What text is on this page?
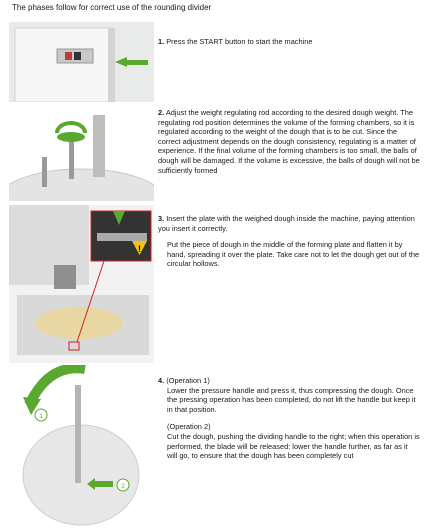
The phases follow for correct use of the rounding divider
!
1
2
1. Press the START button to start the machine
2. Adjust the weight regulating rod according to the desired dough weight. The regulating rod position determines the volume of the forming chambers, so it is regulated according to the weight of the dough that is to be cut. Since the correct adjustment depends on the dough consistency, regulating is a matter of experience. If the final volume of the forming chambers is too small, the balls of dough will be damaged. If the volume is excessive, the balls of dough will not be sufficiently formed

3. Insert the plate with the weighed dough inside the machine, paying attention you insert it correctly.

Put the piece of dough in the middle of the forming plate and flatten it by hand, spreading it over the plate. Take care not to let the dough get out of the circular hollows.

4. (Operation 1)
Lower the pressure handle and press it, thus compressing the dough. Once the pressing operation has been completed, do not lift the handle but keep it in that position.
(Operation 2)
Cut the dough, pushing the dividing handle to the right; when this operation is performed, the blade will be released: lower the handle further, as far as it will go, to ensure that the dough has been completely cut
